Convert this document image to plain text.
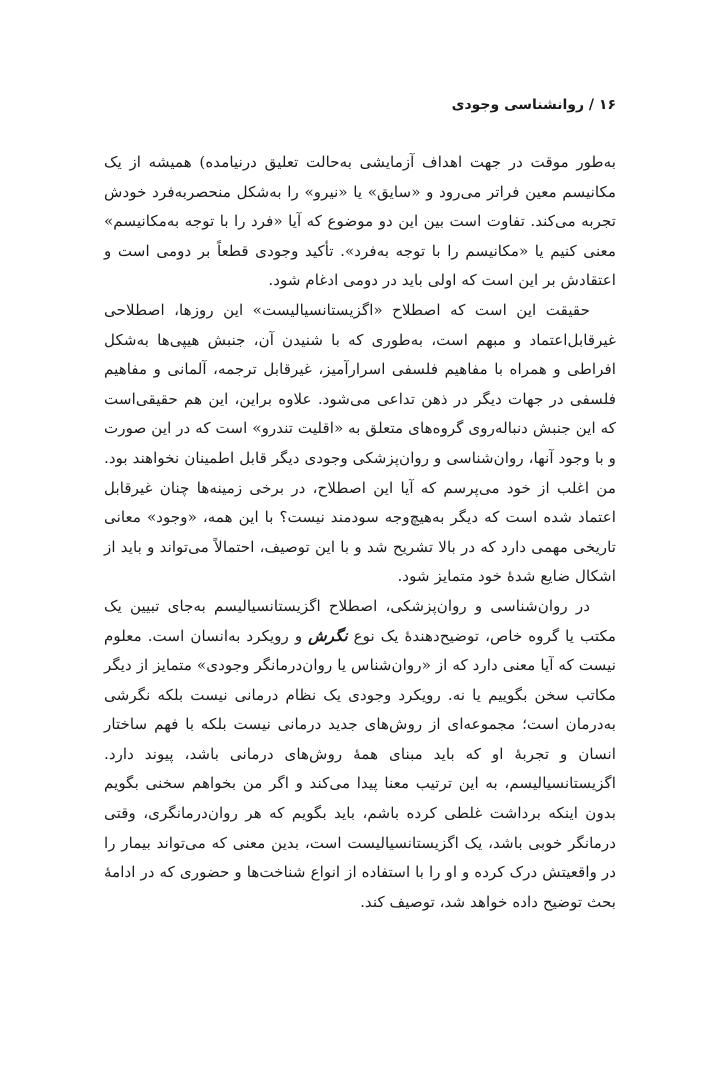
۱۶ / روانشناسی وجودی

به‌طور موقت در جهت اهداف آزمایشی به‌حالت تعلیق درنیامده) همیشه از یک مکانیسم معین فراتر می‌رود و «سایق» یا «نیرو» را به‌شکل منحصربه‌فرد خودش تجربه می‌کند. تفاوت است بین این دو موضوع که آیا «فرد را با توجه به‌مکانیسم» معنی کنیم یا «مکانیسم را با توجه به‌فرد». تأکید وجودی قطعاً بر دومی است و اعتقادش بر این است که اولی باید در دومی ادغام شود.

حقیقت این است که اصطلاح «اگزیستانسیالیست» این روزها، اصطلاحی غیرقابل‌اعتماد و مبهم است، به‌طوری که با شنیدن آن، جنبش هیپی‌ها به‌شکل افراطی و همراه با مفاهیم فلسفی اسرارآمیز، غیرقابل ترجمه، آلمانی و مفاهیم فلسفی در جهات دیگر در ذهن تداعی می‌شود. علاوه براین، این هم حقیقی‌است که این جنبش دنباله‌روی گروه‌های متعلق به «اقلیت تندرو» است که در این صورت و با وجود آنها، روان‌شناسی و روان‌پزشکی وجودی دیگر قابل اطمینان نخواهند بود. من اغلب از خود می‌پرسم که آیا این اصطلاح، در برخی زمینه‌ها چنان غیرقابل اعتماد شده است که دیگر به‌هیچ‌وجه سودمند نیست؟ با این همه، «وجود» معانی تاریخی مهمی دارد که در بالا تشریح شد و با این توصیف، احتمالاً می‌تواند و باید از اشکال ضایع شدهٔ خود متمایز شود.

در روان‌شناسی و روان‌پزشکی، اصطلاح اگزیستانسیالیسم به‌جای تبیین یک مکتب یا گروه خاص، توضیح‌دهندهٔ یک نوع نگرش و رویکرد به‌انسان است. معلوم نیست که آیا معنی دارد که از «روان‌شناس یا روان‌درمانگر وجودی» متمایز از دیگر مکاتب سخن بگوییم یا نه. رویکرد وجودی یک نظام درمانی نیست بلکه نگرشی به‌درمان است؛ مجموعه‌ای از روش‌های جدید درمانی نیست بلکه با فهم ساختار انسان و تجربهٔ او که باید مبنای همهٔ روش‌های درمانی باشد، پیوند دارد. اگزیستانسیالیسم، به این ترتیب معنا پیدا می‌کند و اگر من بخواهم سخنی بگویم بدون اینکه برداشت غلطی کرده باشم، باید بگویم که هر روان‌درمانگری، وقتی درمانگر خوبی باشد، یک اگزیستانسیالیست است، بدین معنی که می‌تواند بیمار را در واقعیتش درک کرده و او را با استفاده از انواع شناخت‌ها و حضوری که در ادامهٔ بحث توضیح داده خواهد شد، توصیف کند.
